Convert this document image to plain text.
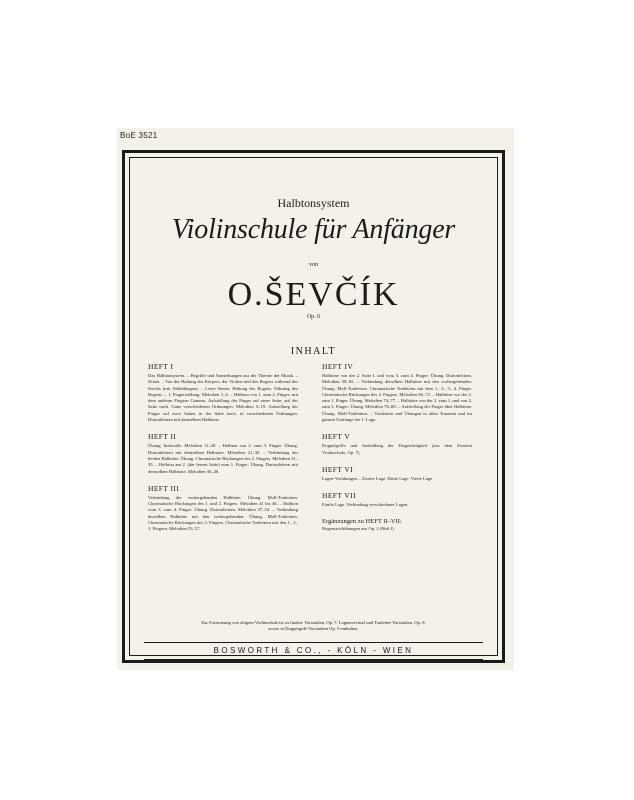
BoE 3521
Halbtonsystem
Violinschule für Anfänger
von
O.ŠEVČÍK
Op. 6
INHALT
HEFT I
Das Halbtonsystem. – Begriffe und Anmerkungen aus der Theorie der Musik. – Noten. – Von der Haltung des Körpers, der Violine und des Bogens während des Strichs (mit Abbildungen). – Leere Saiten: Haltung des Bogens. Führung des Bogens. – 1. Fingerstellung. Melodien 1–4. – Halbton von 1. zum 2. Finger; mit dem anderen Fingern Gamma. Aufstellung der Finger auf einer Saite; auf der Saite nach. Ganz verschiedenen Ordnungen. Melodien 5–19. Aufstellung der Finger auf zwei Saiten in der Saite nach, in verschiedenen Ordnungen. Durtonleitern mit demselben Halbtone.
HEFT II
Übung. Intervalle. Melodien 11–20. – Halbton von 2. zum 3. Finger: Übung. Durtonleitern mit demselben Halbtone. Melodien 21–30. – Verbindung der beiden Halbtöne: Übung. Chromatische Rückungen des 2. Fingers. Melodien 31–35. – Halbton am 2. (der leeren Saite) zum 1. Finger: Übung. Durtonleitern mit demselben Halbtone. Melodien 36–40.
HEFT III
Verbindung der vorhergehenden Halbtöne: Übung. Moll-Tonleitern. Chromatische Rückungen des 1. und 2. Fingers. Melodien 41 bis 46. – Halbton vom 3. zum 4. Finger: Übung. Durtonleitern. Melodien 47–52. – Verbindung derselben Halbtöne mit den vorhergehenden: Übung. Moll-Tonleitern. Chromatische Rückungen des 3. Fingers. Chromatische Tonleitern mit den 1., 2., 3. Fingern. Melodien 53–57.
HEFT IV
Halbtöne von der 2. Saite I. und vom 3. zum 4. Finger: Übung. Durtonleitern. Melodien 58–65. – Verbindung derselben Halbtöne mit den vorhergehenden: Übung. Moll-Tonleitern. Chromatische Tonleitern mit dem 1., 2., 3., 4. Finger. Chromatische Rückungen des 4. Fingers. Melodien 66–73. – Halbtöne vor der 2. zum 1. Finger. Übung. Melodien 74–77. – Halbtöne von der 2. zum 1. und von 2. zum 3. Finger: Übung. Melodien 78–80. – Aufstellung der Finger über Halbtöne. Übung. Moll-Tonleitern. – Tonleitern und Übungen in allen Tonarten und im ganzen Umfange der 1. Lage.
HEFT V
Doppelgriffe und Ausbildung der Fingerfertigkeit (aus dem Zweiten Violinschule, Op. 7).
HEFT VI
Lagen-Vorübungen – Zweite Lage. Dritte Lage. Vierte Lage.
HEFT VII
Fünfte Lage. Verbindung verschiedener Lagen.
Ergänzungen zu HEFT II–VII:
Bogenstrichübungen aus Op. 2 (Heft I)
Zur Fortsetzung von obigem Violinschule ist zu finden: Vorstudien, Op. 7, Lagenwechsel und Tonleiter-Vorstudien, Op. 8,
sowie in Doppelgriff-Vorstudien Op. 9 enthalten.
BOSWORTH & CO., - KÖLN - WIEN
